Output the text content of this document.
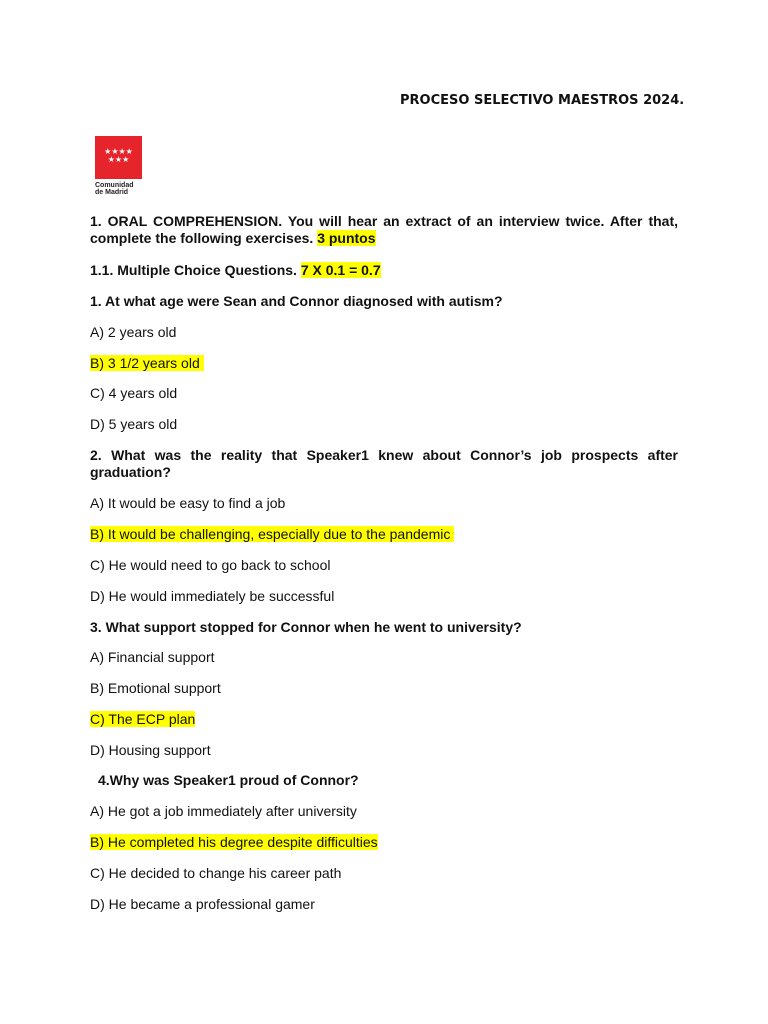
PROCESO SELECTIVO MAESTROS 2024.
★★★★
★★★
Comunidad
de Madrid
1. ORAL COMPREHENSION. You will hear an extract of an interview twice. After that, complete the following exercises. 3 puntos
1.1. Multiple Choice Questions. 7 X 0.1 = 0.7
1. At what age were Sean and Connor diagnosed with autism?
A) 2 years old
B) 3 1/2 years old
C) 4 years old
D) 5 years old
2. What was the reality that Speaker1 knew about Connor’s job prospects after graduation?
A) It would be easy to find a job
B) It would be challenging, especially due to the pandemic
C) He would need to go back to school
D) He would immediately be successful
3. What support stopped for Connor when he went to university?
A) Financial support
B) Emotional support
C) The ECP plan
D) Housing support
4.Why was Speaker1 proud of Connor?
A) He got a job immediately after university
B) He completed his degree despite difficulties
C) He decided to change his career path
D) He became a professional gamer
